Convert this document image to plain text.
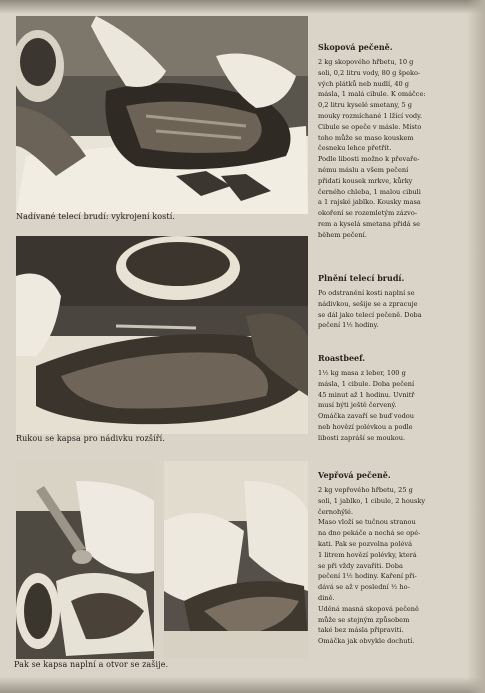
Nadívané telecí brudí: vykrojení kostí.
Rukou se kapsa pro nádivku rozšíří.
Pak se kapsa naplní a otvor se zašije.
Skopová pečeně.

2 kg skopového hřbetu, 10 g
soli, 0,2 litru vody, 80 g špeko-
vých plátků neb nudlí, 40 g
másla, 1 malá cibule. K omáčce:
0,2 litru kyselé smetany, 5 g
mouky rozmíchané 1 lžící vody.
Cibule se opeče v másle. Místo
toho může se maso kouskem
česneku lehce přetřít.
Podle libosti možno k převaře-
nému máslu a všem pečení
přidati kousek mrkve, kůrky
černého chleba, 1 malou cibuli
a 1 rajské jablko. Kousky masa
okoření se rozemletým zázvo-
rem a kyselá smetana přidá se
během pečení.

Plnění telecí brudí.

Po odstranění kosti naplní se
nádivkou, sešije se a zpracuje
se dál jako telecí pečeně. Doba
pečení 1½ hodiny.

Roastbeef.

1½ kg masa z leber, 100 g
másla, 1 cibule. Doba pečení
45 minut až 1 hodinu. Uvnitř
musí býti ještě červený.
Omáčka zavaří se buď vodou
neb hovězí polévkou a podle
libosti zapráší se moukou.

Vepřová pečeně.

2 kg vepřového hřbetu, 25 g
soli, 1 jablko, 1 cibule, 2 housky
černohýlé.
Maso vloží se tučnou stranou
na dno pekáče a nechá se opé-
kati. Pak se pozvolna polévá
1 litrem hovězí polévky, která
se při vždy zavaříti. Doba
pečení 1½ hodiny. Kaření při-
dává se až v poslední ½ ho-
dině.
Uděná masná skopová pečeně
může se stejným způsobem
také bez másla připraviti.
Omáčka jak obvykle dochutí.
